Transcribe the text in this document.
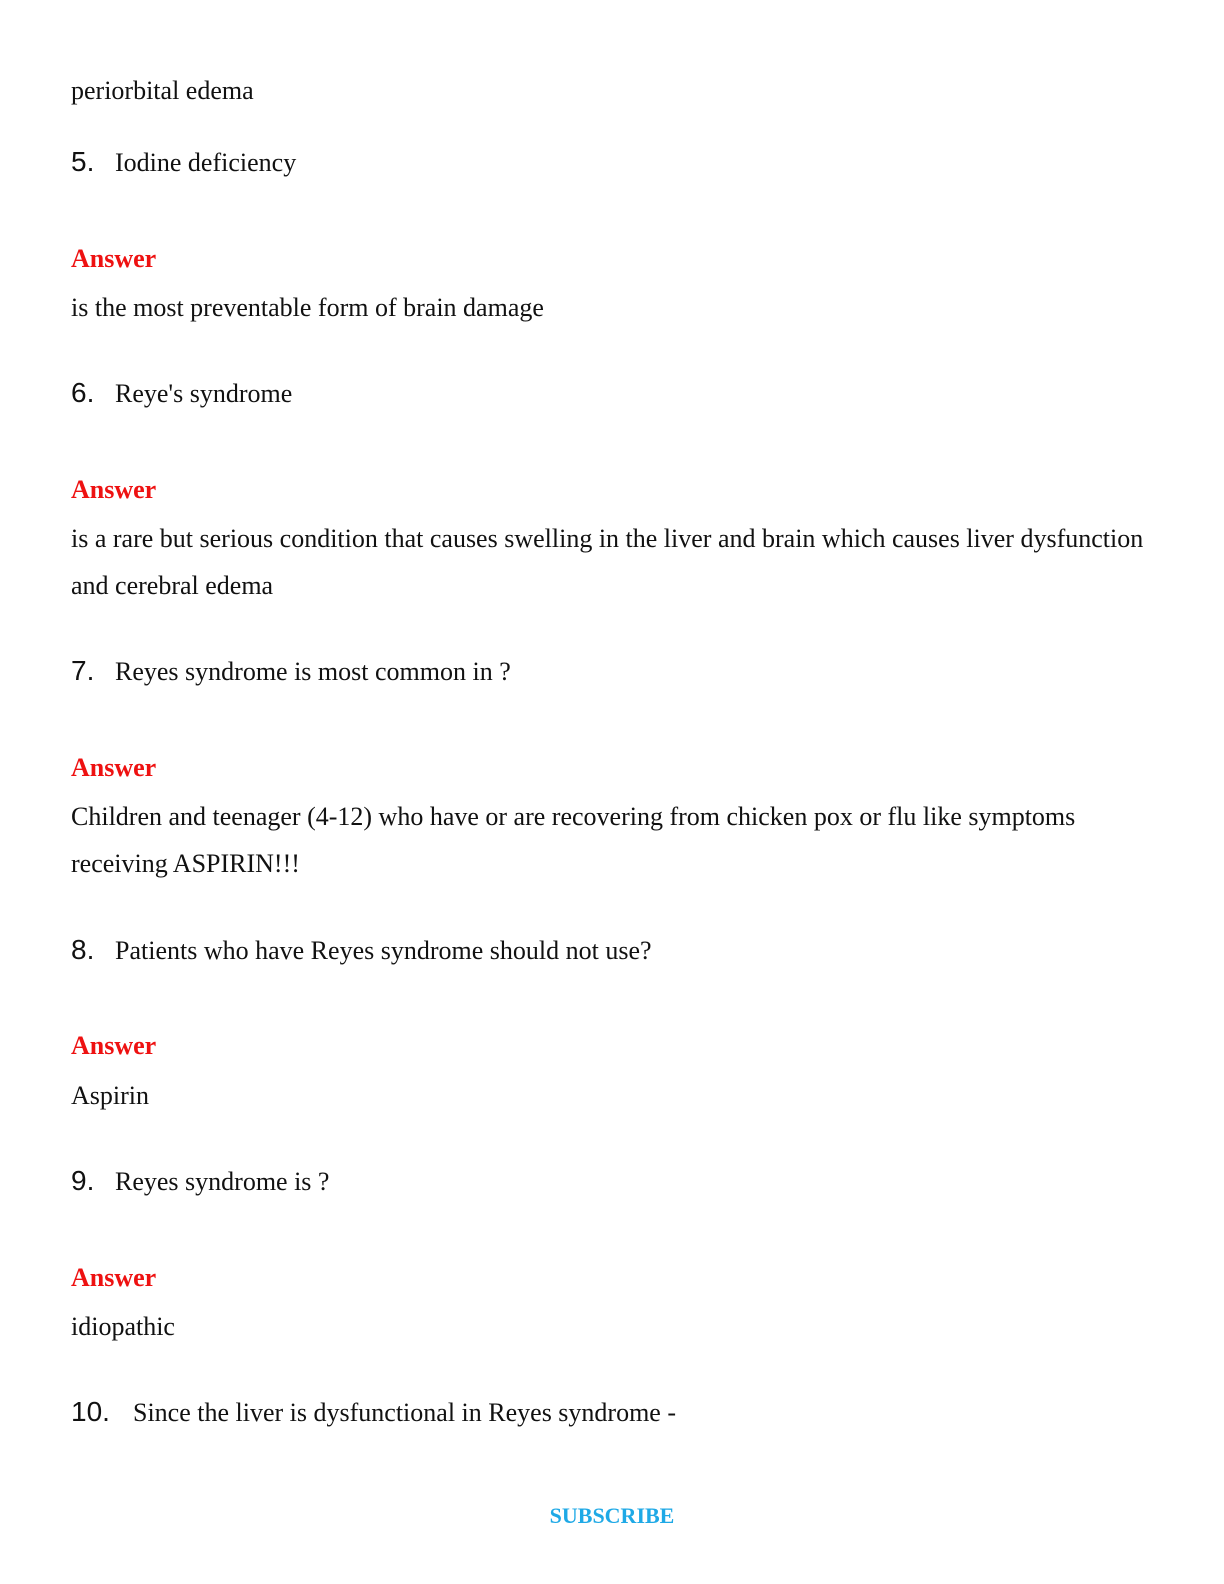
periorbital edema
5. Iodine deficiency
Answer
is the most preventable form of brain damage
6. Reye's syndrome
Answer
is a rare but serious condition that causes swelling in the liver and brain which causes liver dysfunction and cerebral edema
7. Reyes syndrome is most common in ?
Answer
Children and teenager (4-12) who have or are recovering from chicken pox or flu like symptoms receiving ASPIRIN!!!
8. Patients who have Reyes syndrome should not use?
Answer
Aspirin
9. Reyes syndrome is ?
Answer
idiopathic
10. Since the liver is dysfunctional in Reyes syndrome -
SUBSCRIBE
